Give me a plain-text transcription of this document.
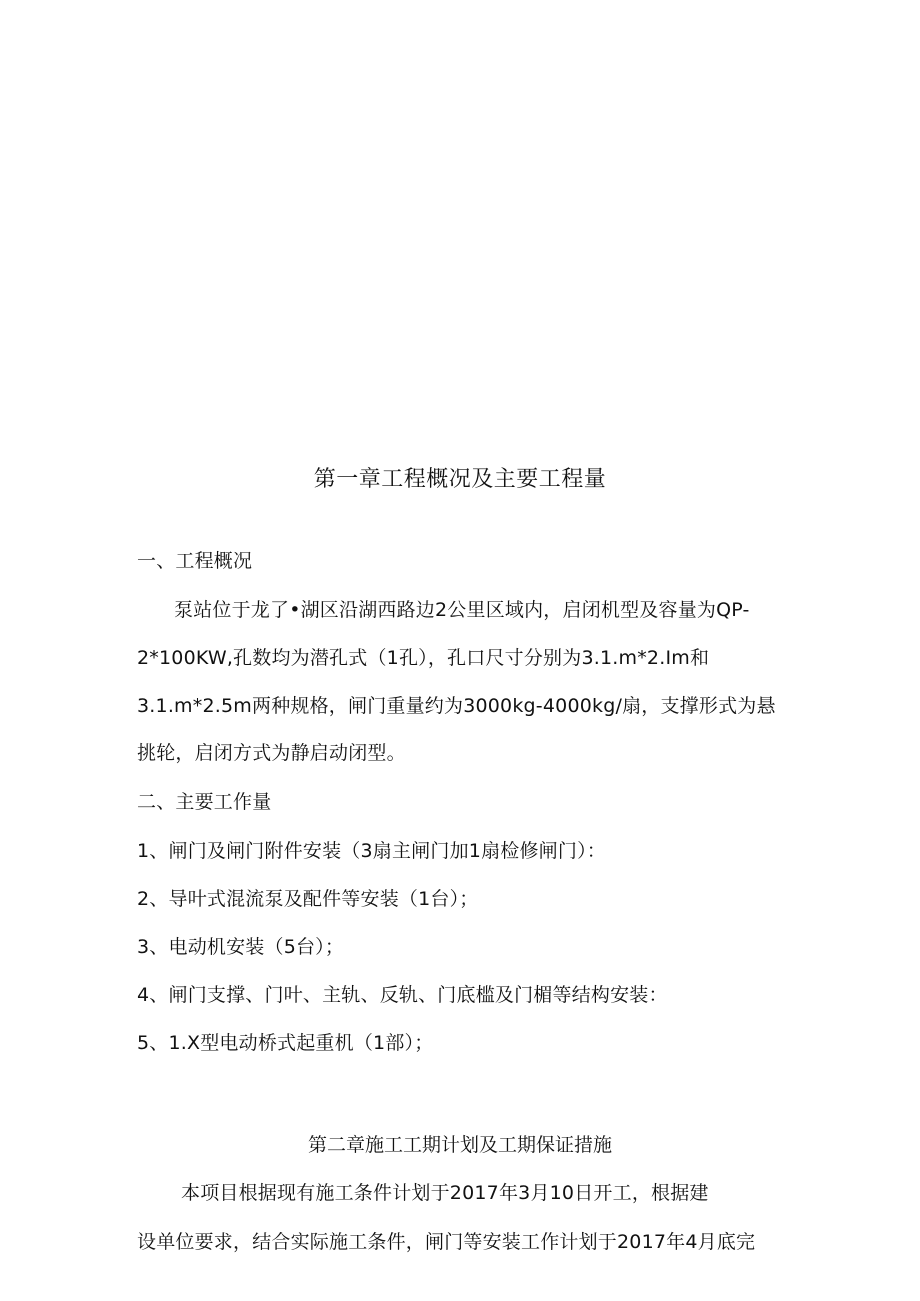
第一章工程概况及主要工程量
一、工程概况
泵站位于龙了•湖区沿湖西路边2公里区域内，启闭机型及容量为QP-
2*100KW,孔数均为潜孔式（1孔），孔口尺寸分别为3.1.m*2.Im和
3.1.m*2.5m两种规格，闸门重量约为3000kg-4000kg/扇，支撑形式为悬
挑轮，启闭方式为静启动闭型。
二、主要工作量
1、闸门及闸门附件安装（3扇主闸门加1扇检修闸门）：
2、导叶式混流泵及配件等安装（1台）；
3、电动机安装（5台）；
4、闸门支撑、门叶、主轨、反轨、门底槛及门楣等结构安装：
5、1.X型电动桥式起重机（1部）；
第二章施工工期计划及工期保证措施
本项目根据现有施工条件计划于2017年3月10日开工，根据建
设单位要求，结合实际施工条件，闸门等安装工作计划于2017年4月底完
